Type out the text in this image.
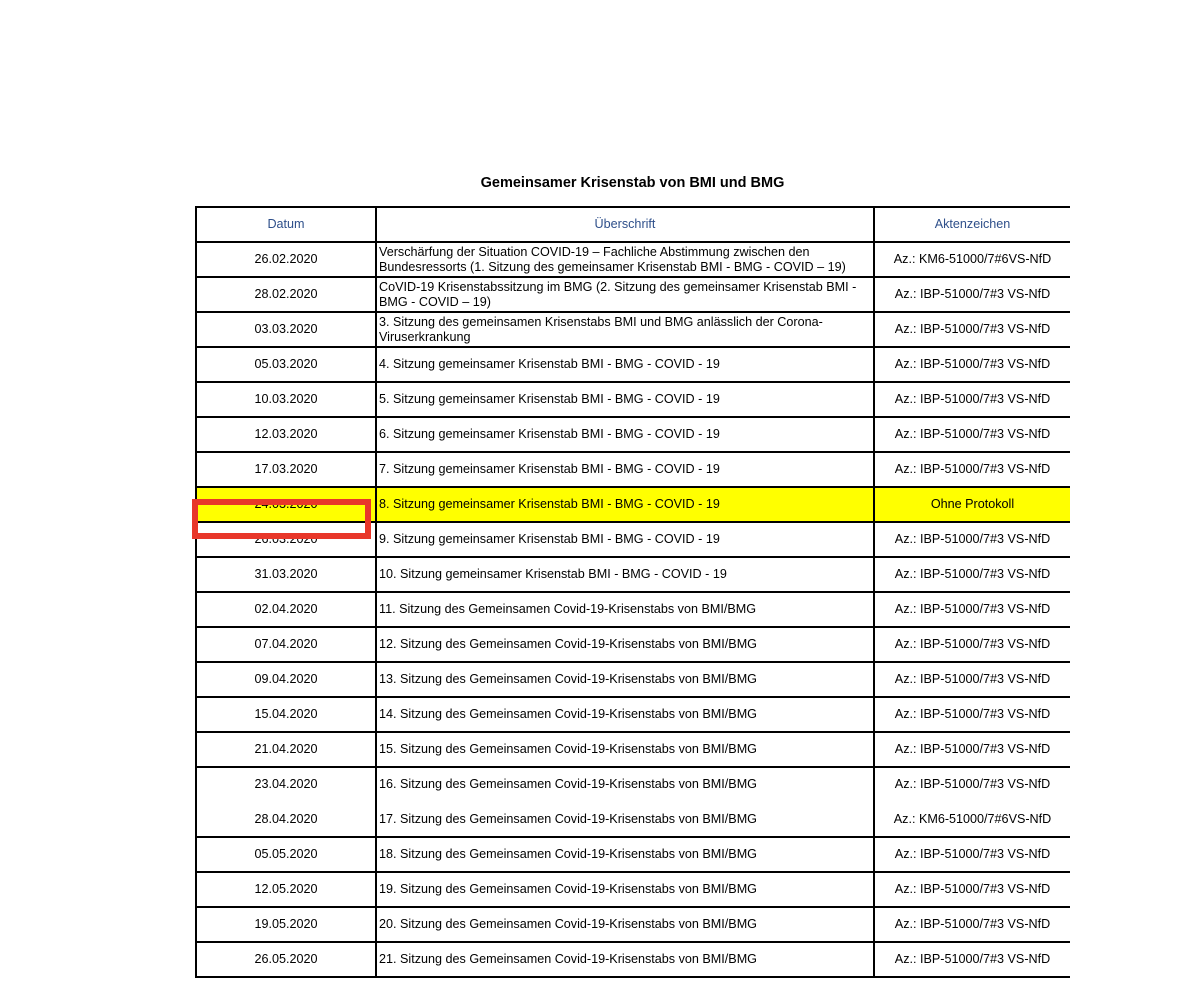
Gemeinsamer Krisenstab von BMI und BMG
Datum	Überschrift	Aktenzeichen
26.02.2020	Verschärfung der Situation COVID-19 – Fachliche Abstimmung zwischen den Bundesressorts (1. Sitzung des gemeinsamer Krisenstab BMI - BMG - COVID – 19)	Az.: KM6-51000/7#6VS-NfD
28.02.2020	CoVID-19 Krisenstabssitzung im BMG (2. Sitzung des gemeinsamer Krisenstab BMI - BMG - COVID – 19)	Az.: IBP-51000/7#3 VS-NfD
03.03.2020	3. Sitzung des gemeinsamen Krisenstabs BMI und BMG anlässlich der Corona-Viruserkrankung	Az.: IBP-51000/7#3 VS-NfD
05.03.2020	4. Sitzung gemeinsamer Krisenstab BMI - BMG - COVID - 19	Az.: IBP-51000/7#3 VS-NfD
10.03.2020	5. Sitzung gemeinsamer Krisenstab BMI - BMG - COVID - 19	Az.: IBP-51000/7#3 VS-NfD
12.03.2020	6. Sitzung gemeinsamer Krisenstab BMI - BMG - COVID - 19	Az.: IBP-51000/7#3 VS-NfD
17.03.2020	7. Sitzung gemeinsamer Krisenstab BMI - BMG - COVID - 19	Az.: IBP-51000/7#3 VS-NfD
24.03.2020	8. Sitzung gemeinsamer Krisenstab BMI - BMG - COVID - 19	Ohne Protokoll
26.03.2020	9. Sitzung gemeinsamer Krisenstab BMI - BMG - COVID - 19	Az.: IBP-51000/7#3 VS-NfD
31.03.2020	10. Sitzung gemeinsamer Krisenstab BMI - BMG - COVID - 19	Az.: IBP-51000/7#3 VS-NfD
02.04.2020	11. Sitzung des Gemeinsamen Covid-19-Krisenstabs von BMI/BMG	Az.: IBP-51000/7#3 VS-NfD
07.04.2020	12. Sitzung des Gemeinsamen Covid-19-Krisenstabs von BMI/BMG	Az.: IBP-51000/7#3 VS-NfD
09.04.2020	13. Sitzung des Gemeinsamen Covid-19-Krisenstabs von BMI/BMG	Az.: IBP-51000/7#3 VS-NfD
15.04.2020	14. Sitzung des Gemeinsamen Covid-19-Krisenstabs von BMI/BMG	Az.: IBP-51000/7#3 VS-NfD
21.04.2020	15. Sitzung des Gemeinsamen Covid-19-Krisenstabs von BMI/BMG	Az.: IBP-51000/7#3 VS-NfD
23.04.2020	16. Sitzung des Gemeinsamen Covid-19-Krisenstabs von BMI/BMG	Az.: IBP-51000/7#3 VS-NfD
28.04.2020	17. Sitzung des Gemeinsamen Covid-19-Krisenstabs von BMI/BMG	Az.: KM6-51000/7#6VS-NfD
05.05.2020	18. Sitzung des Gemeinsamen Covid-19-Krisenstabs von BMI/BMG	Az.: IBP-51000/7#3 VS-NfD
12.05.2020	19. Sitzung des Gemeinsamen Covid-19-Krisenstabs von BMI/BMG	Az.: IBP-51000/7#3 VS-NfD
19.05.2020	20. Sitzung des Gemeinsamen Covid-19-Krisenstabs von BMI/BMG	Az.: IBP-51000/7#3 VS-NfD
26.05.2020	21. Sitzung des Gemeinsamen Covid-19-Krisenstabs von BMI/BMG	Az.: IBP-51000/7#3 VS-NfD
